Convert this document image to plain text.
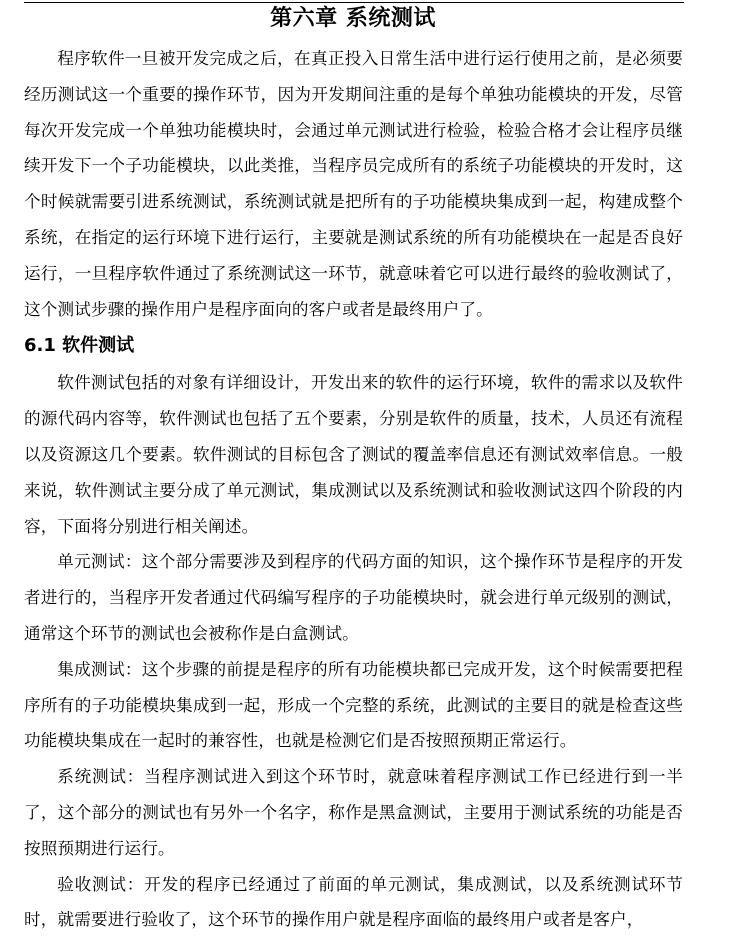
第六章 系统测试

程序软件一旦被开发完成之后，在真正投入日常生活中进行运行使用之前，是必须要经历测试这一个重要的操作环节，因为开发期间注重的是每个单独功能模块的开发，尽管每次开发完成一个单独功能模块时，会通过单元测试进行检验，检验合格才会让程序员继续开发下一个子功能模块，以此类推，当程序员完成所有的系统子功能模块的开发时，这个时候就需要引进系统测试，系统测试就是把所有的子功能模块集成到一起，构建成整个系统，在指定的运行环境下进行运行，主要就是测试系统的所有功能模块在一起是否良好运行，一旦程序软件通过了系统测试这一环节，就意味着它可以进行最终的验收测试了，这个测试步骤的操作用户是程序面向的客户或者是最终用户了。

6.1 软件测试

软件测试包括的对象有详细设计，开发出来的软件的运行环境，软件的需求以及软件的源代码内容等，软件测试也包括了五个要素，分别是软件的质量，技术，人员还有流程以及资源这几个要素。软件测试的目标包含了测试的覆盖率信息还有测试效率信息。一般来说，软件测试主要分成了单元测试，集成测试以及系统测试和验收测试这四个阶段的内容，下面将分别进行相关阐述。

单元测试：这个部分需要涉及到程序的代码方面的知识，这个操作环节是程序的开发者进行的，当程序开发者通过代码编写程序的子功能模块时，就会进行单元级别的测试，通常这个环节的测试也会被称作是白盒测试。

集成测试：这个步骤的前提是程序的所有功能模块都已完成开发，这个时候需要把程序所有的子功能模块集成到一起，形成一个完整的系统，此测试的主要目的就是检查这些功能模块集成在一起时的兼容性，也就是检测它们是否按照预期正常运行。

系统测试：当程序测试进入到这个环节时，就意味着程序测试工作已经进行到一半了，这个部分的测试也有另外一个名字，称作是黑盒测试，主要用于测试系统的功能是否按照预期进行运行。

验收测试：开发的程序已经通过了前面的单元测试，集成测试，以及系统测试环节时，就需要进行验收了，这个环节的操作用户就是程序面临的最终用户或者是客户，
